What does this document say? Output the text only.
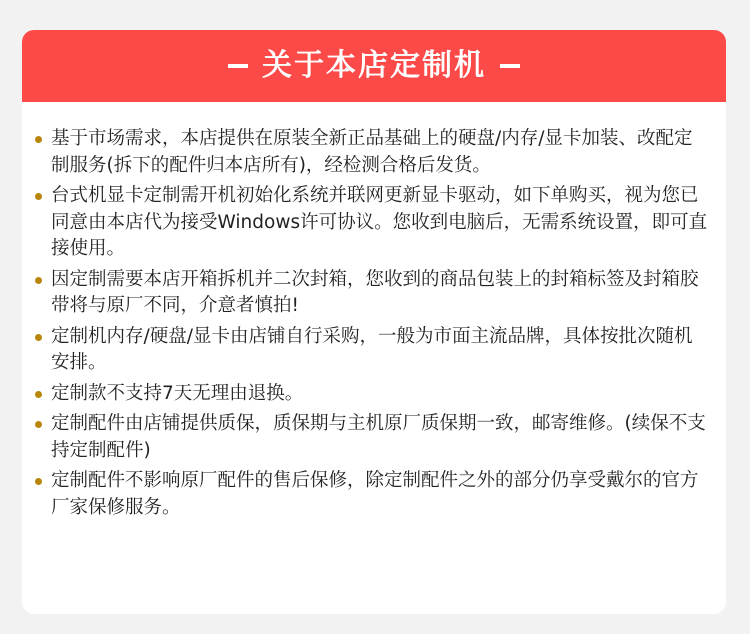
关于本店定制机
基于市场需求，本店提供在原装全新正品基础上的硬盘/内存/显卡加装、改配定制服务(拆下的配件归本店所有)，经检测合格后发货。
台式机显卡定制需开机初始化系统并联网更新显卡驱动，如下单购买，视为您已同意由本店代为接受Windows许可协议。您收到电脑后，无需系统设置，即可直接使用。
因定制需要本店开箱拆机并二次封箱，您收到的商品包装上的封箱标签及封箱胶带将与原厂不同，介意者慎拍!
定制机内存/硬盘/显卡由店铺自行采购，一般为市面主流品牌，具体按批次随机安排。
定制款不支持7天无理由退换。
定制配件由店铺提供质保，质保期与主机原厂质保期一致，邮寄维修。(续保不支持定制配件)
定制配件不影响原厂配件的售后保修，除定制配件之外的部分仍享受戴尔的官方厂家保修服务。
